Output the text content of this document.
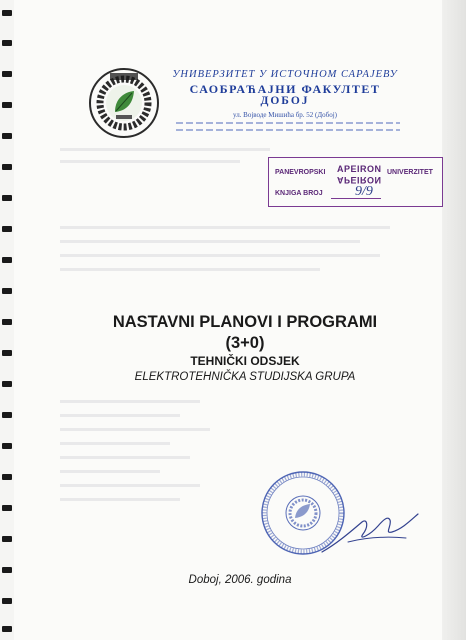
УНИВЕРЗИТЕТ У ИСТОЧНОМ САРАЈЕВУ
САОБРАЋАЈНИ ФАКУЛТЕТ
ДОБОЈ
ул. Војводе Мишића бр. 52 (Добој)
PANEVROPSKI APEIRON
APEIRON
UNIVERZITET
KNJIGA BROJ 9/9
NASTAVNI PLANOVI I PROGRAMI
(3+0)
TEHNIČKI ODSJEK
ELEKTROTEHNIČKA STUDIJSKA GRUPA
Doboj, 2006. godina
